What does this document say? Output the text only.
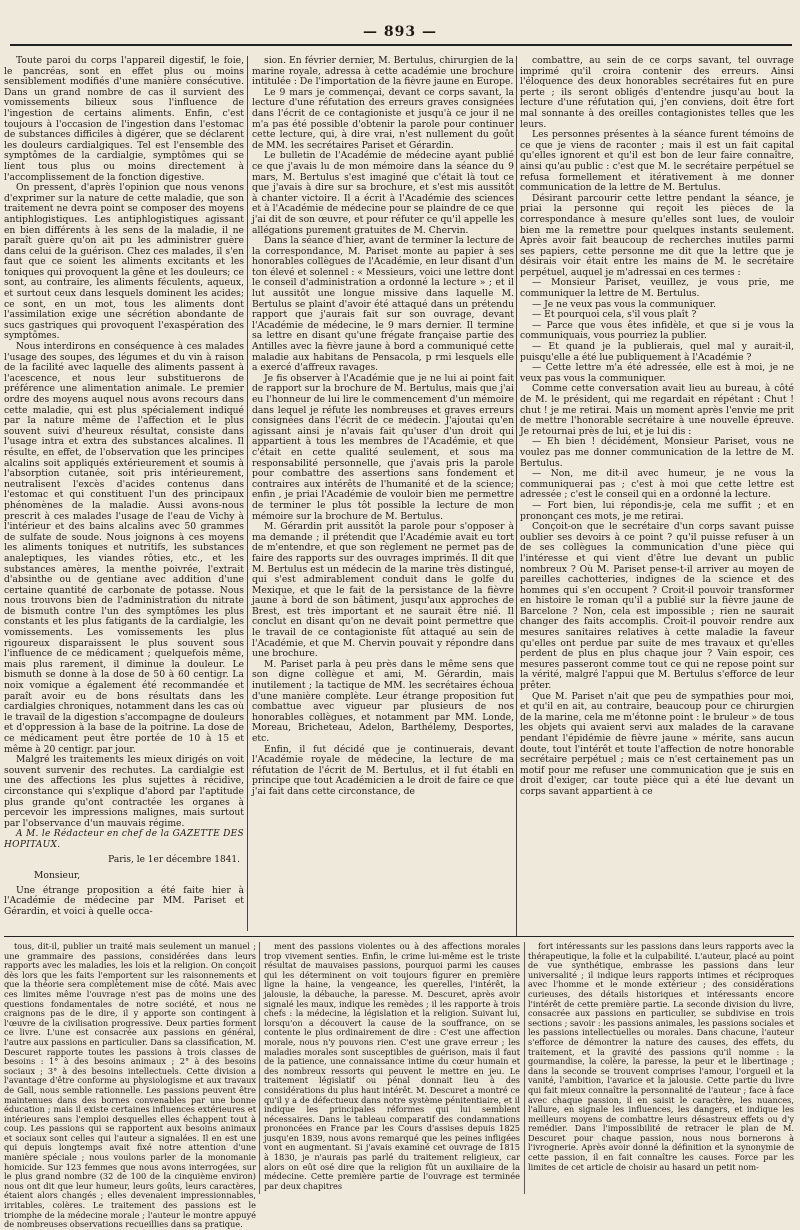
— 893 —

Toute paroi du corps l'appareil digestif, le foie, le pancréas, sont en effet plus ou moins sensiblement modifiés d'une manière consécutive. Dans un grand nombre de cas il survient des vomissements bilieux sous l'influence de l'ingestion de certains aliments. Enfin, c'est toujours à l'occasion de l'ingestion dans l'estomac de substances difficiles à digérer, que se déclarent les douleurs cardialgiques. Tel est l'ensemble des symptômes de la cardialgie, symptômes qui se lient tous plus ou moins directement à l'accomplissement de la fonction digestive.

On pressent, d'après l'opinion que nous venons d'exprimer sur la nature de cette maladie, que son traitement ne devra point se composer des moyens antiphlogistiques. Les antiphlogistiques agissant en bien différents à les sens de la maladie, il ne paraît guère qu'on ait pu les administrer guère dans celui de la guérison. Chez ces malades, il s'en faut que ce soient les aliments excitants et les toniques qui provoquent la gêne et les douleurs; ce sont, au contraire, les aliments féculents, aqueux, et surtout ceux dans lesquels dominent les acides; ce sont, en un mot, tous les aliments dont l'assimilation exige une sécrétion abondante de sucs gastriques qui provoquent l'exaspération des symptômes.

Nous interdirons en conséquence à ces malades l'usage des soupes, des légumes et du vin à raison de la facilité avec laquelle des aliments passent à l'acescence, et nous leur substituerons de préférence une alimentation animale. Le premier ordre des moyens auquel nous avons recours dans cette maladie, qui est plus spécialement indiqué par la nature même de l'affection et le plus souvent suivi d'heureux résultat, consiste dans l'usage intra et extra des substances alcalines. Il résulte, en effet, de l'observation que les principes alcalins soit appliqués extérieurement et soumis à l'absorption cutanée, soit pris intérieurement, neutralisent l'excès d'acides contenus dans l'estomac et qui constituent l'un des principaux phénomènes de la maladie. Aussi avons-nous prescrit à ces malades l'usage de l'eau de Vichy à l'intérieur et des bains alcalins avec 50 grammes de sulfate de soude. Nous joignons à ces moyens les aliments toniques et nutritifs, les substances analeptiques, les viandes rôties, etc., et les substances amères, la menthe poivrée, l'extrait d'absinthe ou de gentiane avec addition d'une certaine quantité de carbonate de potasse. Nous nous trouvons bien de l'administration du nitrate de bismuth contre l'un des symptômes les plus constants et les plus fatigants de la cardialgie, les vomissements. Les vomissements les plus rigoureux disparaissent le plus souvent sous l'influence de ce médicament ; quelquefois même, mais plus rarement, il diminue la douleur. Le bismuth se donne à la dose de 50 à 60 centigr. La noix vomique a également été recommandée et paraît avoir eu de bons résultats dans les cardialgies chroniques, notamment dans les cas où le travail de la digestion s'accompagne de douleurs et d'oppression à la base de la poitrine. La dose de ce médicament peut être portée de 10 à 15 et même à 20 centigr. par jour.

Malgré les traitements les mieux dirigés on voit souvent survenir des rechutes. La cardialgie est une des affections les plus sujettes à récidive, circonstance qui s'explique d'abord par l'aptitude plus grande qu'ont contractée les organes à percevoir les impressions malignes, mais surtout par l'observance d'un mauvais régime.

A M. le Rédacteur en chef de la GAZETTE DES HOPITAUX.

Paris, le 1er décembre 1841.

Monsieur,

Une étrange proposition a été faite hier à l'Académie de médecine par MM. Pariset et Gérardin, et voici à quelle occa-

sion. En février dernier, M. Bertulus, chirurgien de la marine royale, adressa à cette académie une brochure intitulée : De l'importation de la fièvre jaune en Europe.

Le 9 mars je commençai, devant ce corps savant, la lecture d'une réfutation des erreurs graves consignées dans l'écrit de ce contagioniste et jusqu'à ce jour il ne m'a pas été possible d'obtenir la parole pour continuer cette lecture, qui, à dire vrai, n'est nullement du goût de MM. les secrétaires Pariset et Gérardin.

Le bulletin de l'Académie de médecine ayant publié ce que j'avais lu de mon mémoire dans la séance du 9 mars, M. Bertulus s'est imaginé que c'était là tout ce que j'avais à dire sur sa brochure, et s'est mis aussitôt à chanter victoire. Il a écrit à l'Académie des sciences et à l'Académie de médecine pour se plaindre de ce que j'ai dit de son œuvre, et pour réfuter ce qu'il appelle les allégations purement gratuites de M. Chervin.

Dans la séance d'hier, avant de terminer la lecture de la correspondance, M. Pariset monte au papier à ses honorables collègues de l'Académie, en leur disant d'un ton élevé et solennel : « Messieurs, voici une lettre dont le conseil d'administration a ordonné la lecture » ; et il lut aussitôt une longue missive dans laquelle M. Bertulus se plaint d'avoir été attaqué dans un prétendu rapport que j'aurais fait sur son ouvrage, devant l'Académie de médecine, le 9 mars dernier. Il termine sa lettre en disant qu'une frégate française partie des Antilles avec la fièvre jaune à bord a communiqué cette maladie aux habitans de Pensacola, p rmi lesquels elle a exercé d'affreux ravages.

Je fis observer à l'Académie que je ne lui ai point fait de rapport sur la brochure de M. Bertulus, mais que j'ai eu l'honneur de lui lire le commencement d'un mémoire dans lequel je réfute les nombreuses et graves erreurs consignées dans l'écrit de ce médecin. J'ajoutai qu'en agissant ainsi je n'avais fait qu'user d'un droit qui appartient à tous les membres de l'Académie, et que c'était en cette qualité seulement, et sous ma responsabilité personnelle, que j'avais pris la parole pour combattre des assertions sans fondement et contraires aux intérêts de l'humanité et de la science; enfin , je priai l'Académie de vouloir bien me permettre de terminer le plus tôt possible la lecture de mon mémoire sur la brochure de M. Bertulus.

M. Gérardin prit aussitôt la parole pour s'opposer à ma demande ; il prétendit que l'Académie avait eu tort de m'entendre, et que son règlement ne permet pas de faire des rapports sur des ouvrages imprimés. Il dit que M. Bertulus est un médecin de la marine très distingué, qui s'est admirablement conduit dans le golfe du Mexique, et que le fait de la persistance de la fièvre jaune à bord de son bâtiment, jusqu'aux approches de Brest, est très important et ne saurait être nié. Il conclut en disant qu'on ne devait point permettre que le travail de ce contagioniste fût attaqué au sein de l'Académie, et que M. Chervin pouvait y répondre dans une brochure.

M. Pariset parla à peu près dans le même sens que son digne collègue et ami, M. Gérardin, mais inutilement ; la tactique de MM. les secrétaires échoua d'une manière complète. Leur étrange proposition fut combattue avec vigueur par plusieurs de nos honorables collègues, et notamment par MM. Londe, Moreau, Bricheteau, Adelon, Barthélemy, Desportes, etc.

Enfin, il fut décidé que je continuerais, devant l'Académie royale de médecine, la lecture de ma réfutation de l'écrit de M. Bertulus, et il fut établi en principe que tout Académicien a le droit de faire ce que j'ai fait dans cette circonstance, de

combattre, au sein de ce corps savant, tel ouvrage imprimé qu'il croira contenir des erreurs. Ainsi l'éloquence des deux honorables secrétaires fut en pure perte ; ils seront obligés d'entendre jusqu'au bout la lecture d'une réfutation qui, j'en conviens, doit être fort mal sonnante à des oreilles contagionistes telles que les leurs.

Les personnes présentes à la séance furent témoins de ce que je viens de raconter ; mais il est un fait capital qu'elles ignorent et qu'il est bon de leur faire connaître, ainsi qu'au public : c'est que M. le secrétaire perpétuel se refusa formellement et itérativement à me donner communication de la lettre de M. Bertulus.

Désirant parcourir cette lettre pendant la séance, je priai la personne qui reçoit les pièces de la correspondance à mesure qu'elles sont lues, de vouloir bien me la remettre pour quelques instants seulement. Après avoir fait beaucoup de recherches inutiles parmi ses papiers, cette personne me dit que la lettre que je désirais voir était entre les mains de M. le secrétaire perpétuel, auquel je m'adressai en ces termes :

— Monsieur Pariset, veuillez, je vous prie, me communiquer la lettre de M. Bertulus.

— Je ne veux pas vous la communiquer.

— Et pourquoi cela, s'il vous plaît ?

— Parce que vous êtes infidèle, et que si je vous la communiquais, vous pourriez la publier.

— Et quand je la publierais, quel mal y aurait-il, puisqu'elle a été lue publiquement à l'Académie ?

— Cette lettre m'a été adressée, elle est à moi, je ne veux pas vous la communiquer.

Comme cette conversation avait lieu au bureau, à côté de M. le président, qui me regardait en répétant : Chut ! chut ! je me retirai. Mais un moment après l'envie me prit de mettre l'honorable secrétaire à une nouvelle épreuve. Je retournai près de lui, et je lui dis :

— Eh bien ! décidément, Monsieur Pariset, vous ne voulez pas me donner communication de la lettre de M. Bertulus.

— Non, me dit-il avec humeur, je ne vous la communiquerai pas ; c'est à moi que cette lettre est adressée ; c'est le conseil qui en a ordonné la lecture.

— Fort bien, lui répondis-je, cela me suffit ; et en prononçant ces mots, je me retirai.

Conçoit-on que le secrétaire d'un corps savant puisse oublier ses devoirs à ce point ? qu'il puisse refuser à un de ses collègues la communication d'une pièce qui l'intéresse et qui vient d'être lue devant un public nombreux ? Où M. Pariset pense-t-il arriver au moyen de pareilles cachotteries, indignes de la science et des hommes qui s'en occupent ? Croit-il pouvoir transformer en histoire le roman qu'il a publié sur la fièvre jaune de Barcelone ? Non, cela est impossible ; rien ne saurait changer des faits accomplis. Croit-il pouvoir rendre aux mesures sanitaires relatives à cette maladie la faveur qu'elles ont perdue par suite de mes travaux et qu'elles perdent de plus en plus chaque jour ? Vain espoir, ces mesures passeront comme tout ce qui ne repose point sur la vérité, malgré l'appui que M. Bertulus s'efforce de leur prêter.

Que M. Pariset n'ait que peu de sympathies pour moi, et qu'il en ait, au contraire, beaucoup pour ce chirurgien de la marine, cela me m'étonne point : le bruleur » de tous les objets qui avaient servi aux malades de la caravane pendant l'épidémie de fièvre jaune » mérite, sans aucun doute, tout l'intérêt et toute l'affection de notre honorable secrétaire perpétuel ; mais ce n'est certainement pas un motif pour me refuser une communication que je suis en droit d'exiger, car toute pièce qui a été lue devant un corps savant appartient à ce

tous, dit-il, publier un traité mais seulement un manuel ; une grammaire des passions, considérées dans leurs rapports avec les maladies, les lois et la religion. On conçoit dès lors que les faits l'emportent sur les raisonnements et que la théorie sera complètement mise de côté. Mais avec ces limites même l'ouvrage n'est pas de moins une des questions fondamentales de notre société, et nous ne craignons pas de le dire, il y apporte son contingent à l'œuvre de la civilisation progressive. Deux parties forment ce livre. L'une est consacrée aux passions en général, l'autre aux passions en particulier. Dans sa classification, M. Descuret rapporte toutes les passions à trois classes de besoins : 1° à des besoins animaux ; 2° à des besoins sociaux ; 3° à des besoins intellectuels. Cette division a l'avantage d'être conforme au physiologisme et aux travaux de Gall, nous semble rationnelle. Les passions peuvent être maintenues dans des bornes convenables par une bonne éducation ; mais il existe certaines influences extérieures et intérieures sans l'emploi desquelles elles échappent tout à coup. Les passions qui se rapportent aux besoins animaux et sociaux sont celles qui l'auteur a signalées. Il en est une qui depuis longtemps avait fixé notre attention d'une manière spéciale ; nous voulons parler de la monomanie homicide. Sur 123 femmes que nous avons interrogées, sur le plus grand nombre (32 de 100 de la cinquième environ) nous ont dit que leur humeur, leurs goûts, leurs caractères, étaient alors changés ; elles devenaient impressionnables, irritables, colères. Le traitement des passions est le triomphe de la médecine morale ; l'auteur le montre appuyé de nombreuses observations recueillies dans sa pratique.

ment des passions violentes ou à des affections morales trop vivement senties. Enfin, le crime lui-même est le triste résultat de mauvaises passions, pourquoi parmi les causes qui les déterminent on voit toujours figurer en première ligne la haine, la vengeance, les querelles, l'intérêt, la jalousie, la débauche, la paresse. M. Descuret, après avoir signalé les maux, indique les remèdes ; il les rapporte à trois chefs : la médecine, la législation et la religion. Suivant lui, lorsqu'on a découvert la cause de la souffrance, on se contente le plus ordinairement de dire : C'est une affection morale, nous n'y pouvons rien. C'est une grave erreur ; les maladies morales sont susceptibles de guérison, mais il faut de la patience, une connaissance intime du cœur humain et des nombreux ressorts qui peuvent le mettre en jeu. Le traitement législatif ou pénal donnait lieu à des considérations du plus haut intérêt. M. Descuret a montré ce qu'il y a de défectueux dans notre système pénitentiaire, et il indique les principales réformes qui lui semblent nécessaires. Dans le tableau comparatif des condamnations prononcées en France par les Cours d'assises depuis 1825 jusqu'en 1839, nous avons remarqué que les peines infligées vont en augmentant. Si j'avais examiné cet ouvrage de 1815 à 1830, je n'aurais pas parlé du traitement religieux, car alors on eût osé dire que la religion fût un auxiliaire de la médecine. Cette première partie de l'ouvrage est terminée par deux chapitres

fort intéressants sur les passions dans leurs rapports avec la thérapeutique, la folie et la culpabilité. L'auteur, placé au point de vue synthétique, embrasse les passions dans leur universalité ; il indique leurs rapports intimes et réciproques avec l'homme et le monde extérieur ; des considérations curieuses, des détails historiques et intéressants encore l'intérêt de cette première partie. La seconde division du livre, consacrée aux passions en particulier, se subdivise en trois sections ; savoir : les passions animales, les passions sociales et les passions intellectuelles ou morales. Dans chacune, l'auteur s'efforce de démontrer la nature des causes, des effets, du traitement, et la gravité des passions qu'il nomme : la gourmandise, la colère, la paresse, la peur et le libertinage ; dans la seconde se trouvent comprises l'amour, l'orgueil et la vanité, l'ambition, l'avarice et la jalousie. Cette partie du livre qui fait mieux connaître la personnalité de l'auteur ; face à face avec chaque passion, il en saisit le caractère, les nuances, l'allure, en signale les influences, les dangers, et indique les meilleurs moyens de combattre leurs désastreux effets ou d'y remédier. Dans l'impossibilité de retracer le plan de M. Descuret pour chaque passion, nous nous bornerons à l'ivrognerie. Après avoir donné la définition et la synonymie de cette passion, il en fait connaître les causes. Force par les limites de cet article de choisir au hasard un petit nom-
